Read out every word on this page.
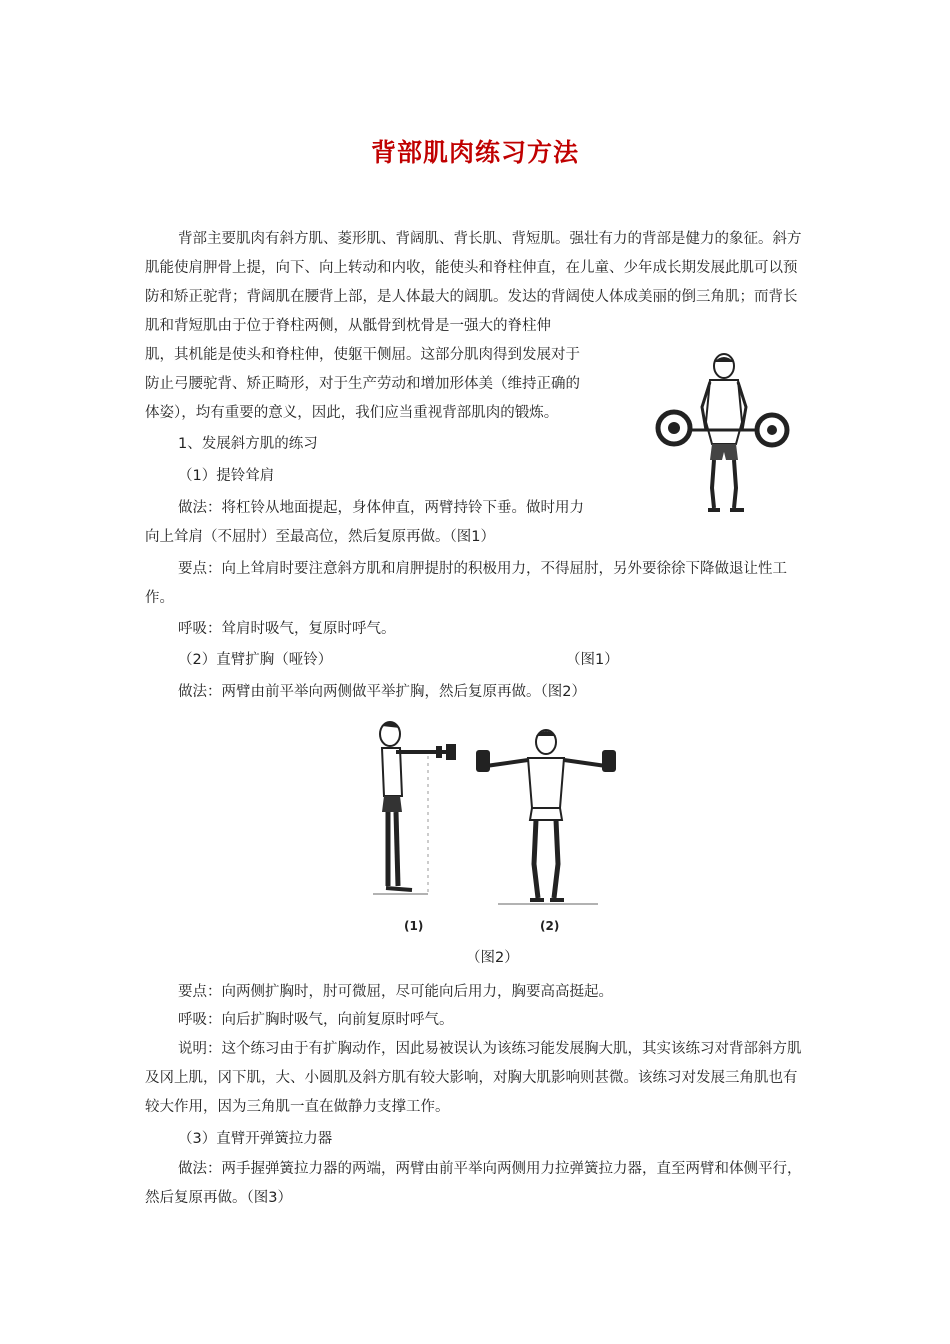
背部肌肉练习方法

背部主要肌肉有斜方肌、菱形肌、背阔肌、背长肌、背短肌。强壮有力的背部是健力的象征。斜方肌能使肩胛骨上提，向下、向上转动和内收，能使头和脊柱伸直，在儿童、少年成长期发展此肌可以预防和矫正驼背；背阔肌在腰背上部，是人体最大的阔肌。发达的背阔使人体成美丽的倒三角肌；而背长肌和背短肌由于位于脊柱两侧，从骶骨到枕骨是一强大的脊柱伸

肌，其机能是使头和脊柱伸，使躯干侧屈。这部分肌肉得到发展对于
防止弓腰驼背、矫正畸形，对于生产劳动和增加形体美（维持正确的
体姿），均有重要的意义，因此，我们应当重视背部肌肉的锻炼。
1、发展斜方肌的练习
（1）提铃耸肩
做法：将杠铃从地面提起，身体伸直，两臂持铃下垂。做时用力
向上耸肩（不屈肘）至最高位，然后复原再做。（图1）

要点：向上耸肩时要注意斜方肌和肩胛提肘的积极用力，不得屈肘，另外要徐徐下降做退让性工作。

呼吸：耸肩时吸气，复原时呼气。
（2）直臂扩胸（哑铃）	（图1）
做法：两臂由前平举向两侧做平举扩胸，然后复原再做。（图2）
(1)	(2)
（图2）
要点：向两侧扩胸时，肘可微屈，尽可能向后用力，胸要高高挺起。
呼吸：向后扩胸时吸气，向前复原时呼气。

说明：这个练习由于有扩胸动作，因此易被误认为该练习能发展胸大肌，其实该练习对背部斜方肌及冈上肌，冈下肌，大、小圆肌及斜方肌有较大影响，对胸大肌影响则甚微。该练习对发展三角肌也有较大作用，因为三角肌一直在做静力支撑工作。

（3）直臂开弹簧拉力器

做法：两手握弹簧拉力器的两端，两臂由前平举向两侧用力拉弹簧拉力器，直至两臂和体侧平行，然后复原再做。（图3）
